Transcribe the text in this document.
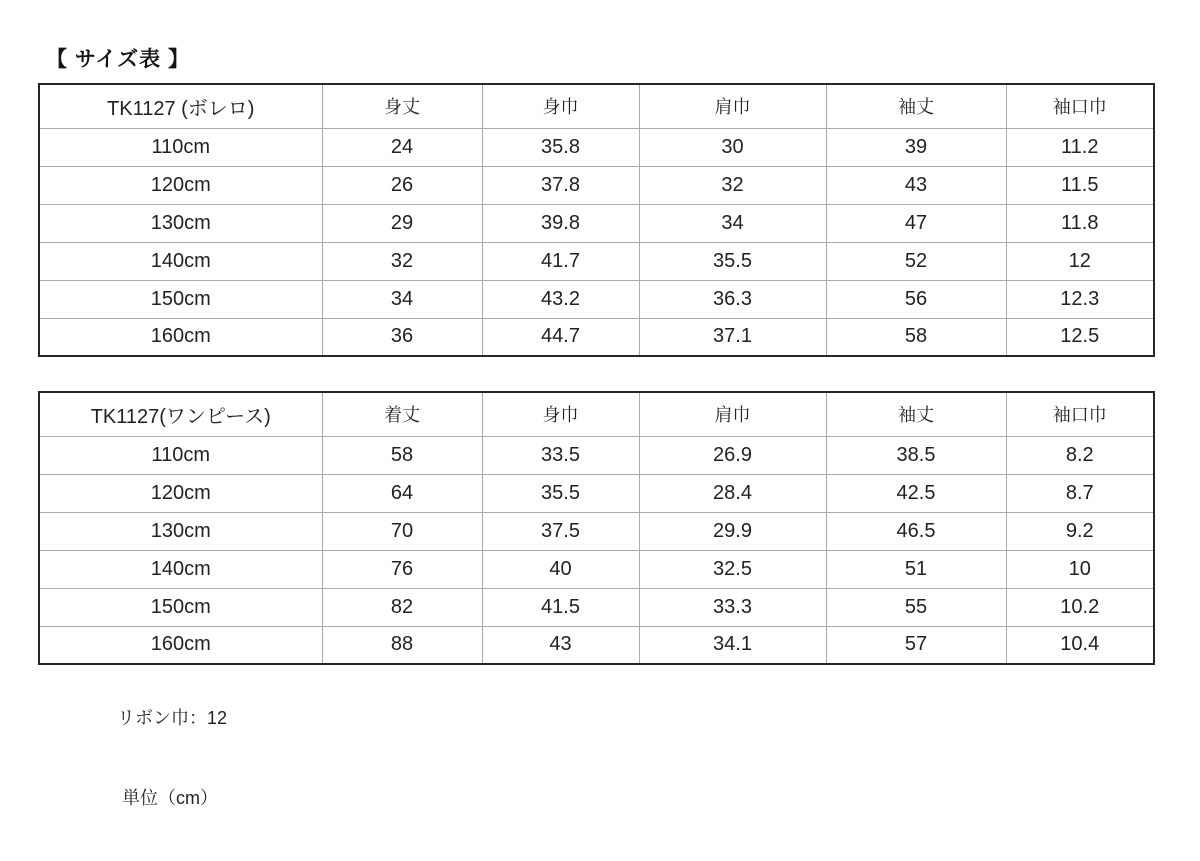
【 サイズ表 】
TK1127 (ボレロ)	身丈	身巾	肩巾	袖丈	袖口巾
110cm	24	35.8	30	39	11.2
120cm	26	37.8	32	43	11.5
130cm	29	39.8	34	47	11.8
140cm	32	41.7	35.5	52	12
150cm	34	43.2	36.3	56	12.3
160cm	36	44.7	37.1	58	12.5
TK1127(ワンピース)	着丈	身巾	肩巾	袖丈	袖口巾
110cm	58	33.5	26.9	38.5	8.2
120cm	64	35.5	28.4	42.5	8.7
130cm	70	37.5	29.9	46.5	9.2
140cm	76	40	32.5	51	10
150cm	82	41.5	33.3	55	10.2
160cm	88	43	34.1	57	10.4
リボン巾：12
単位（cm）
